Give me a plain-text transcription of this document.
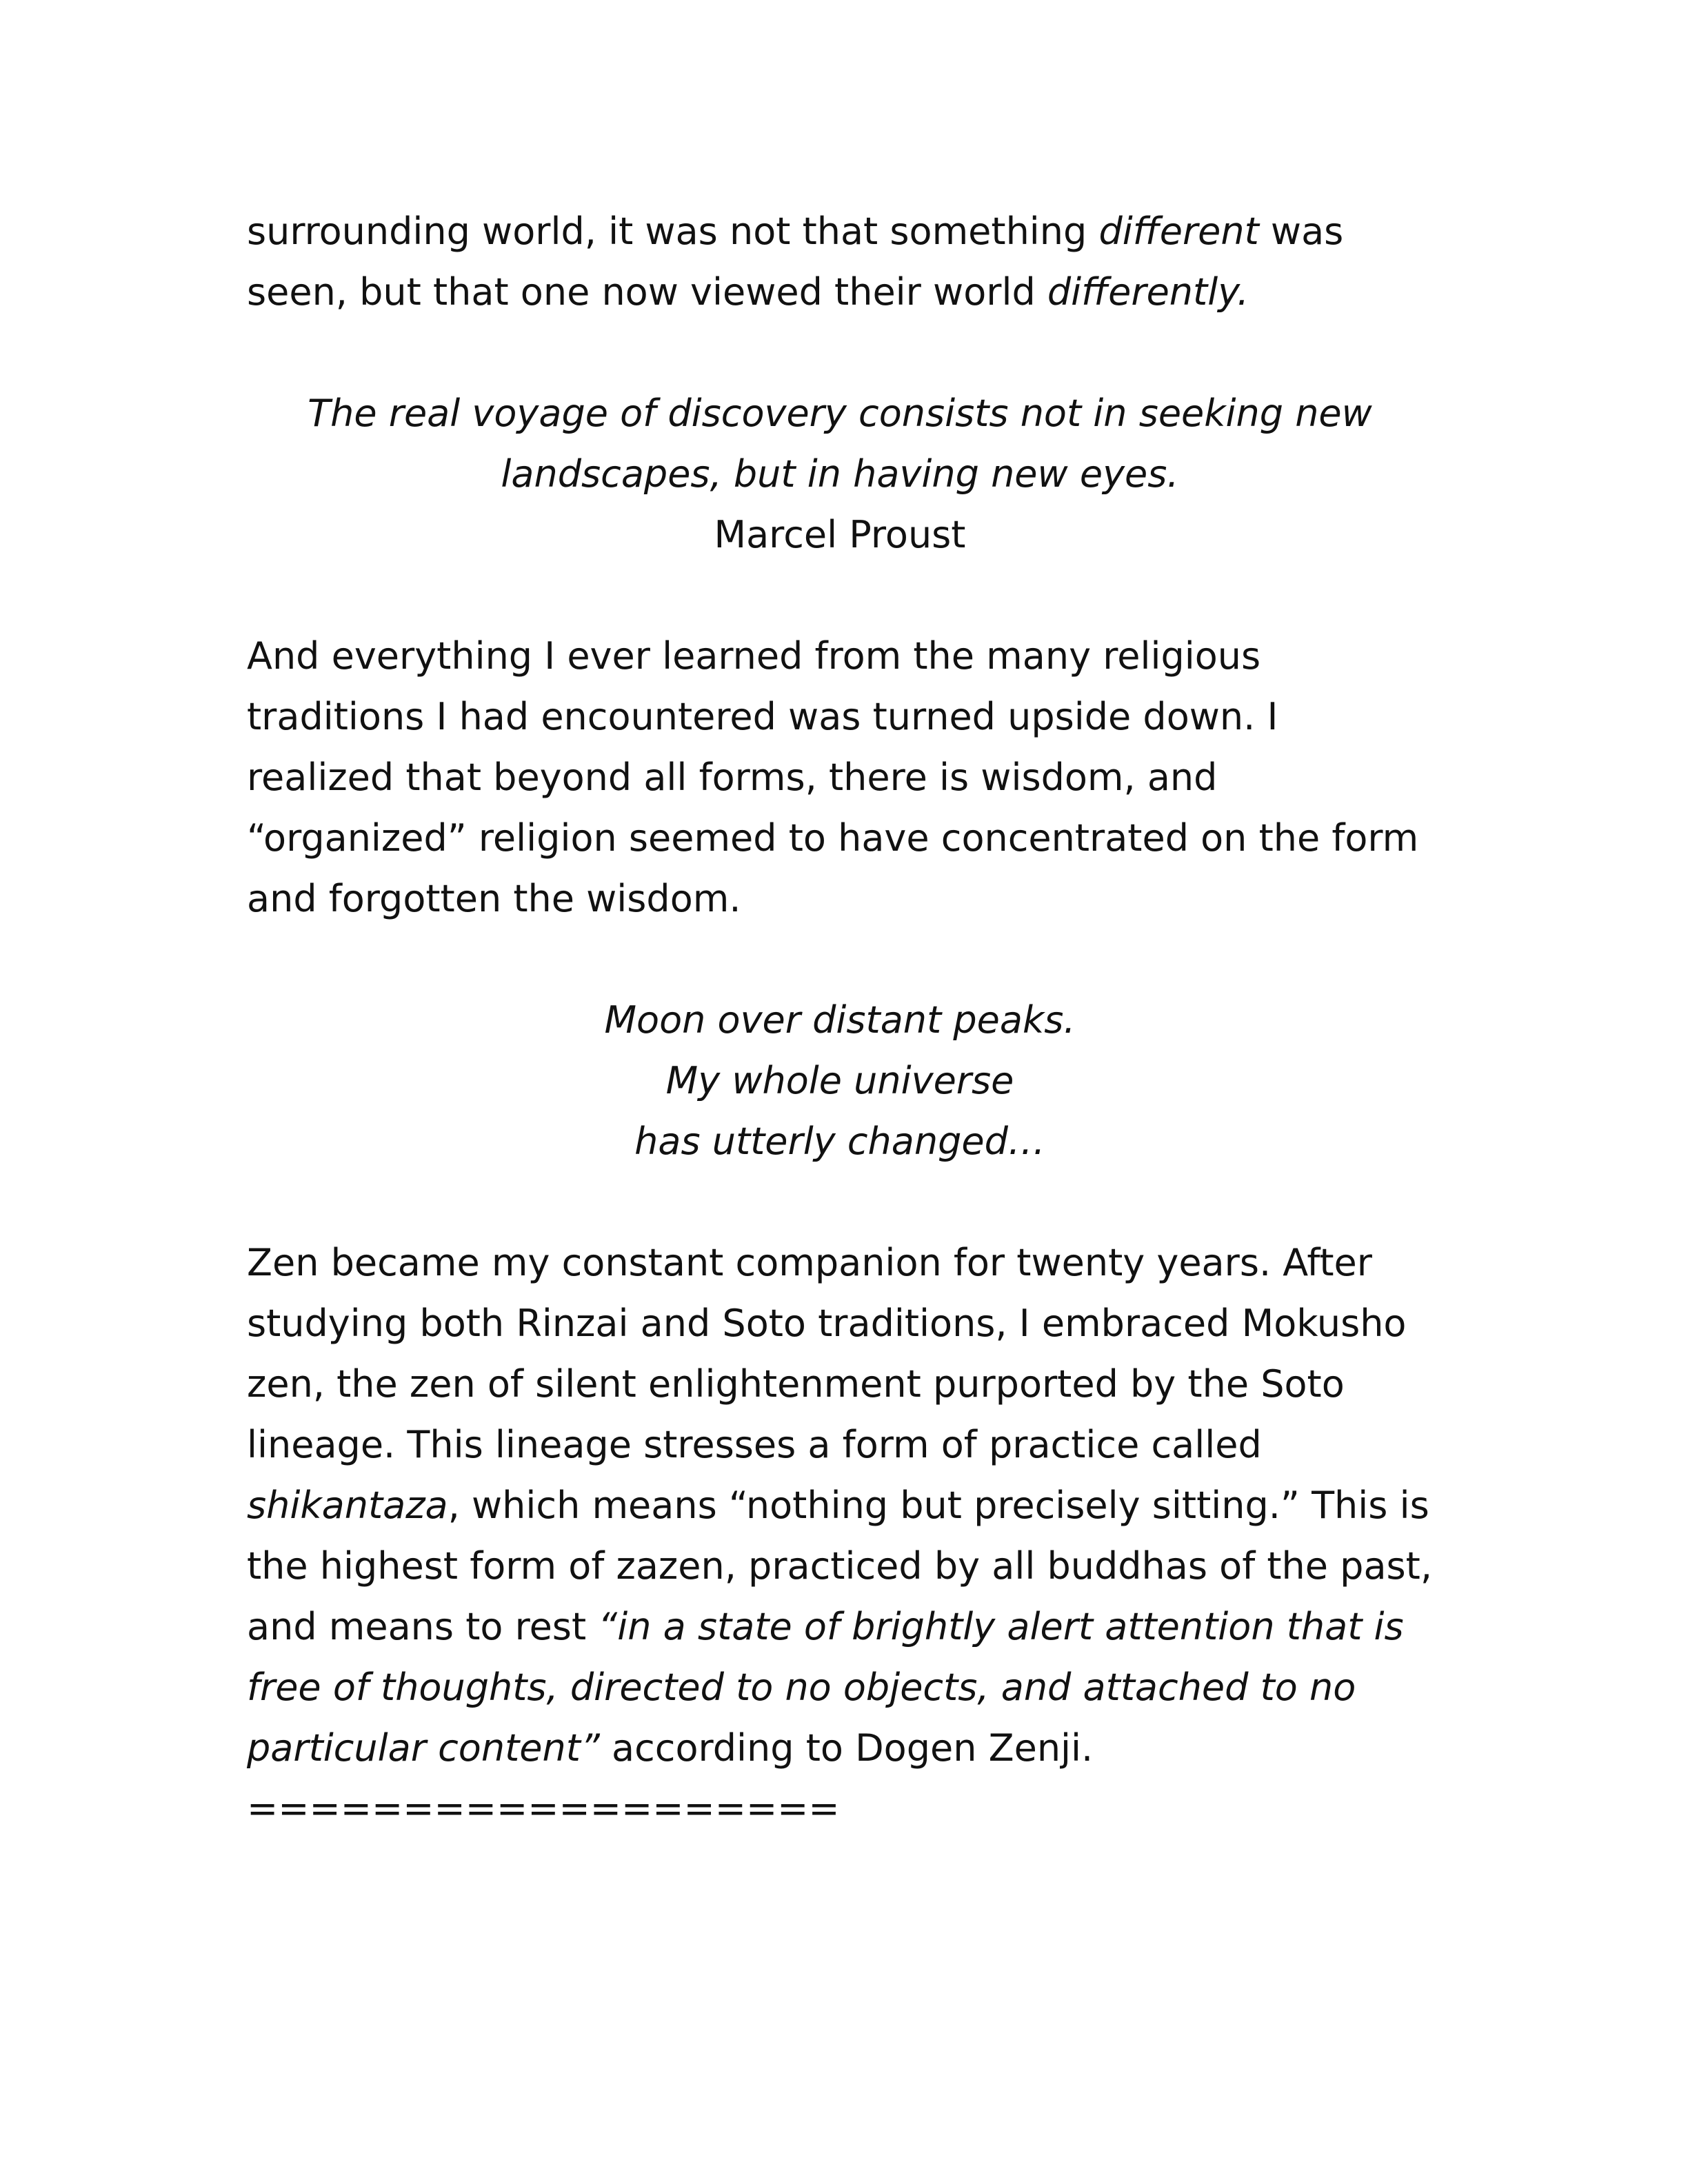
surrounding world, it was not that something different was seen, but that one now viewed their world differently.

The real voyage of discovery consists not in seeking new landscapes, but in having new eyes.
Marcel Proust

And everything I ever learned from the many religious traditions I had encountered was turned upside down. I realized that beyond all forms, there is wisdom, and “organized” religion seemed to have concentrated on the form and forgotten the wisdom.

Moon over distant peaks.
My whole universe
has utterly changed…

Zen became my constant companion for twenty years. After studying both Rinzai and Soto traditions, I embraced Mokusho zen, the zen of silent enlightenment purported by the Soto lineage. This lineage stresses a form of practice called shikantaza, which means “nothing but precisely sitting.” This is the highest form of zazen, practiced by all buddhas of the past, and means to rest “in a state of brightly alert attention that is free of thoughts, directed to no objects, and attached to no particular content” according to Dogen Zenji.

===================
